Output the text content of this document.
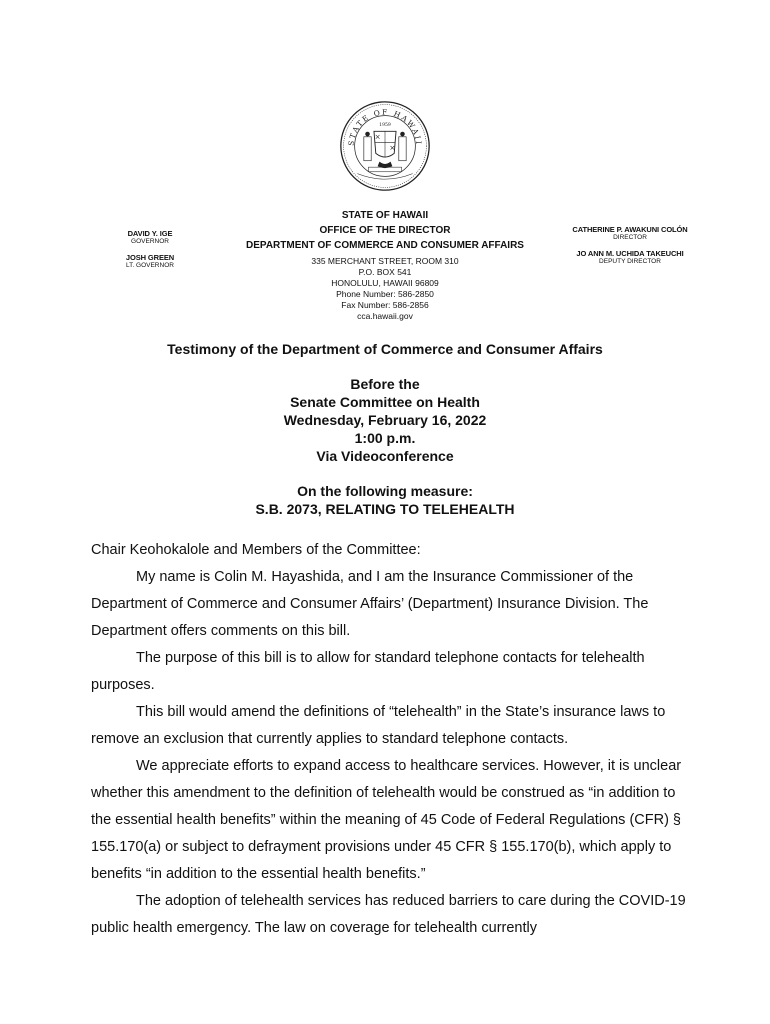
STATE OF HAWAII
1959
DAVID Y. IGE
GOVERNOR
JOSH GREEN
LT. GOVERNOR
STATE OF HAWAII
OFFICE OF THE DIRECTOR
DEPARTMENT OF COMMERCE AND CONSUMER AFFAIRS
335 MERCHANT STREET, ROOM 310
P.O. BOX 541
HONOLULU, HAWAII 96809
Phone Number: 586-2850
Fax Number: 586-2856
cca.hawaii.gov
CATHERINE P. AWAKUNI COLÓN
DIRECTOR
JO ANN M. UCHIDA TAKEUCHI
DEPUTY DIRECTOR
Testimony of the Department of Commerce and Consumer Affairs
Before the
Senate Committee on Health
Wednesday, February 16, 2022
1:00 p.m.
Via Videoconference
On the following measure:
S.B. 2073, RELATING TO TELEHEALTH

Chair Keohokalole and Members of the Committee:

My name is Colin M. Hayashida, and I am the Insurance Commissioner of the Department of Commerce and Consumer Affairs’ (Department) Insurance Division. The Department offers comments on this bill.

The purpose of this bill is to allow for standard telephone contacts for telehealth purposes.

This bill would amend the definitions of “telehealth” in the State’s insurance laws to remove an exclusion that currently applies to standard telephone contacts.

We appreciate efforts to expand access to healthcare services. However, it is unclear whether this amendment to the definition of telehealth would be construed as “in addition to the essential health benefits” within the meaning of 45 Code of Federal Regulations (CFR) § 155.170(a) or subject to defrayment provisions under 45 CFR § 155.170(b), which apply to benefits “in addition to the essential health benefits.”

The adoption of telehealth services has reduced barriers to care during the COVID-19 public health emergency. The law on coverage for telehealth currently
